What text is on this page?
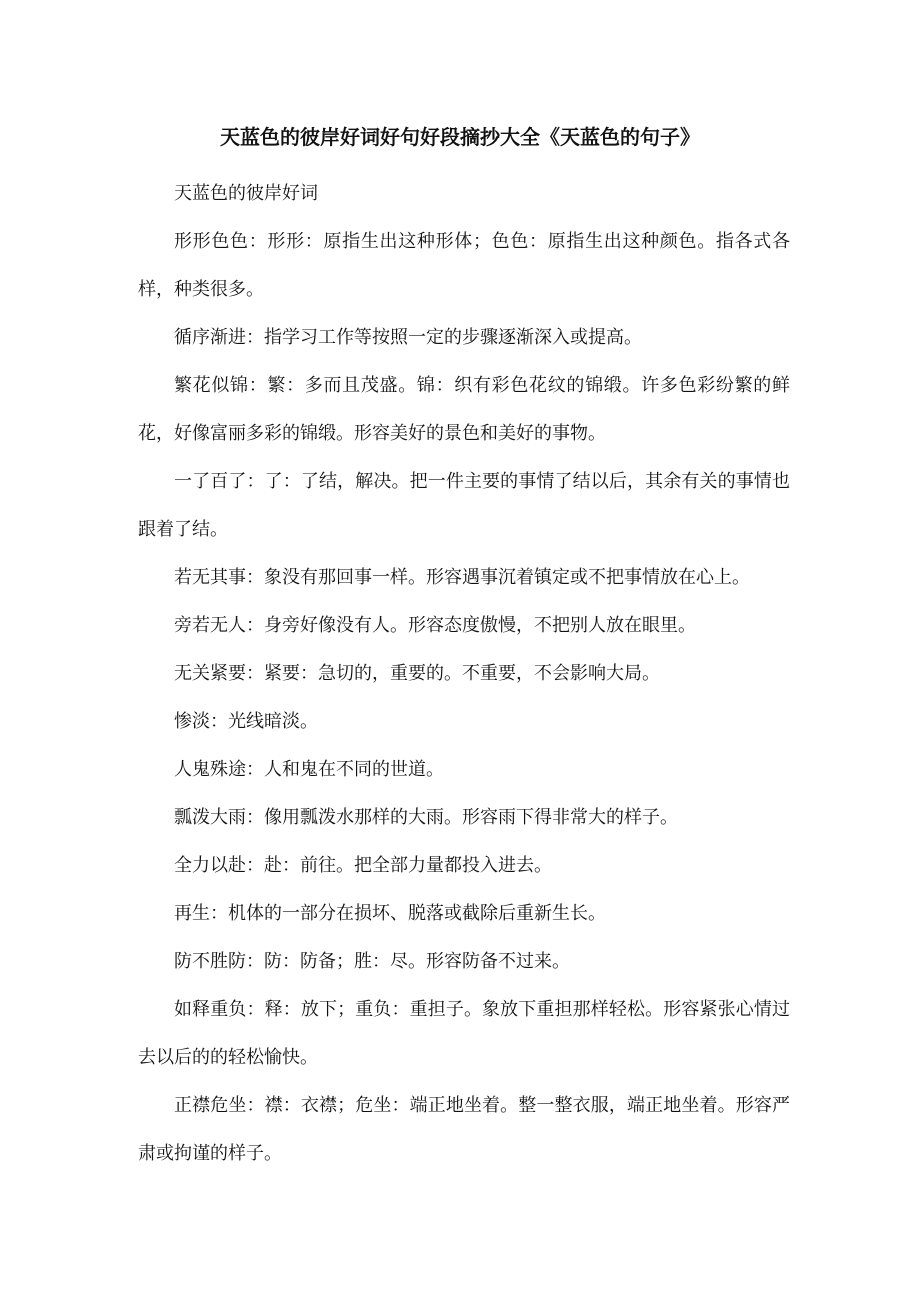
天蓝色的彼岸好词好句好段摘抄大全《天蓝色的句子》

天蓝色的彼岸好词

形形色色：形形：原指生出这种形体；色色：原指生出这种颜色。指各式各样，种类很多。

循序渐进：指学习工作等按照一定的步骤逐渐深入或提高。

繁花似锦：繁：多而且茂盛。锦：织有彩色花纹的锦缎。许多色彩纷繁的鲜花，好像富丽多彩的锦缎。形容美好的景色和美好的事物。

一了百了：了：了结，解决。把一件主要的事情了结以后，其余有关的事情也跟着了结。

若无其事：象没有那回事一样。形容遇事沉着镇定或不把事情放在心上。

旁若无人：身旁好像没有人。形容态度傲慢，不把别人放在眼里。

无关紧要：紧要：急切的，重要的。不重要，不会影响大局。

惨淡：光线暗淡。

人鬼殊途：人和鬼在不同的世道。

瓢泼大雨：像用瓢泼水那样的大雨。形容雨下得非常大的样子。

全力以赴：赴：前往。把全部力量都投入进去。

再生：机体的一部分在损坏、脱落或截除后重新生长。

防不胜防：防：防备；胜：尽。形容防备不过来。

如释重负：释：放下；重负：重担子。象放下重担那样轻松。形容紧张心情过去以后的的轻松愉快。

正襟危坐：襟：衣襟；危坐：端正地坐着。整一整衣服，端正地坐着。形容严肃或拘谨的样子。
